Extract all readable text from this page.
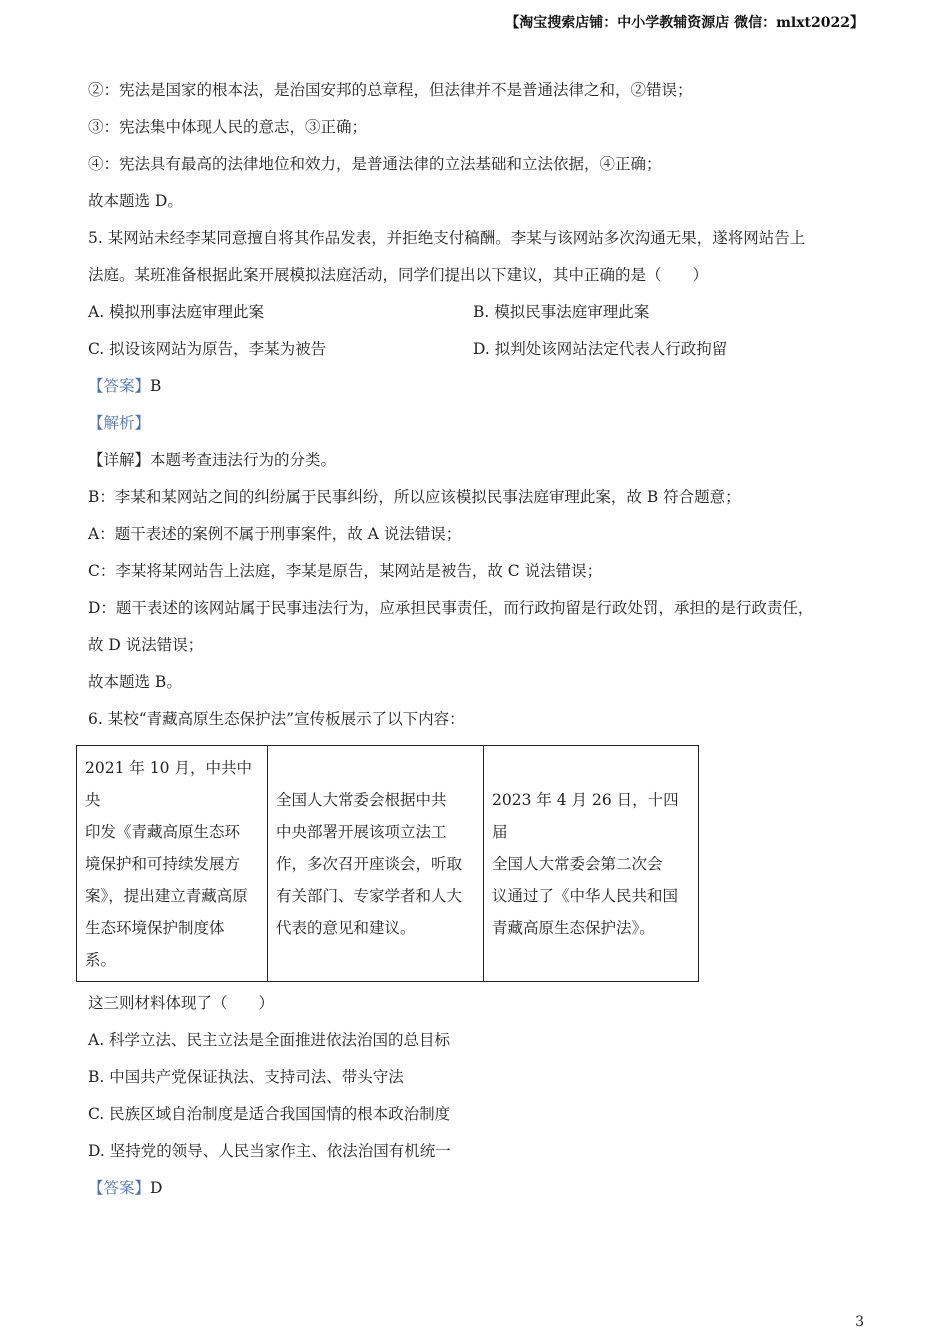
【淘宝搜索店铺：中小学教辅资源店 微信：mlxt2022】
②：宪法是国家的根本法，是治国安邦的总章程，但法律并不是普通法律之和，②错误；
③：宪法集中体现人民的意志，③正确；
④：宪法具有最高的法律地位和效力，是普通法律的立法基础和立法依据，④正确；
故本题选 D。
5. 某网站未经李某同意擅自将其作品发表，并拒绝支付稿酬。李某与该网站多次沟通无果，遂将网站告上
法庭。某班准备根据此案开展模拟法庭活动，同学们提出以下建议，其中正确的是（　　）
A. 模拟刑事法庭审理此案	B. 模拟民事法庭审理此案
C. 拟设该网站为原告，李某为被告	D. 拟判处该网站法定代表人行政拘留
【答案】B
【解析】
【详解】本题考查违法行为的分类。
B：李某和某网站之间的纠纷属于民事纠纷，所以应该模拟民事法庭审理此案，故 B 符合题意；
A：题干表述的案例不属于刑事案件，故 A 说法错误；
C：李某将某网站告上法庭，李某是原告，某网站是被告，故 C 说法错误；
D：题干表述的该网站属于民事违法行为，应承担民事责任，而行政拘留是行政处罚，承担的是行政责任，
故 D 说法错误；
故本题选 B。
6. 某校“青藏高原生态保护法”宣传板展示了以下内容：
2021 年 10 月，中共中央
印发《青藏高原生态环
境保护和可持续发展方
案》，提出建立青藏高原
生态环境保护制度体
系。

全国人大常委会根据中共
中央部署开展该项立法工
作，多次召开座谈会，听取
有关部门、专家学者和人大
代表的意见和建议。

2023 年 4 月 26 日，十四届
全国人大常委会第二次会
议通过了《中华人民共和国
青藏高原生态保护法》。
这三则材料体现了（　　）
A. 科学立法、民主立法是全面推进依法治国的总目标
B. 中国共产党保证执法、支持司法、带头守法
C. 民族区域自治制度是适合我国国情的根本政治制度
D. 坚持党的领导、人民当家作主、依法治国有机统一
【答案】D
3
